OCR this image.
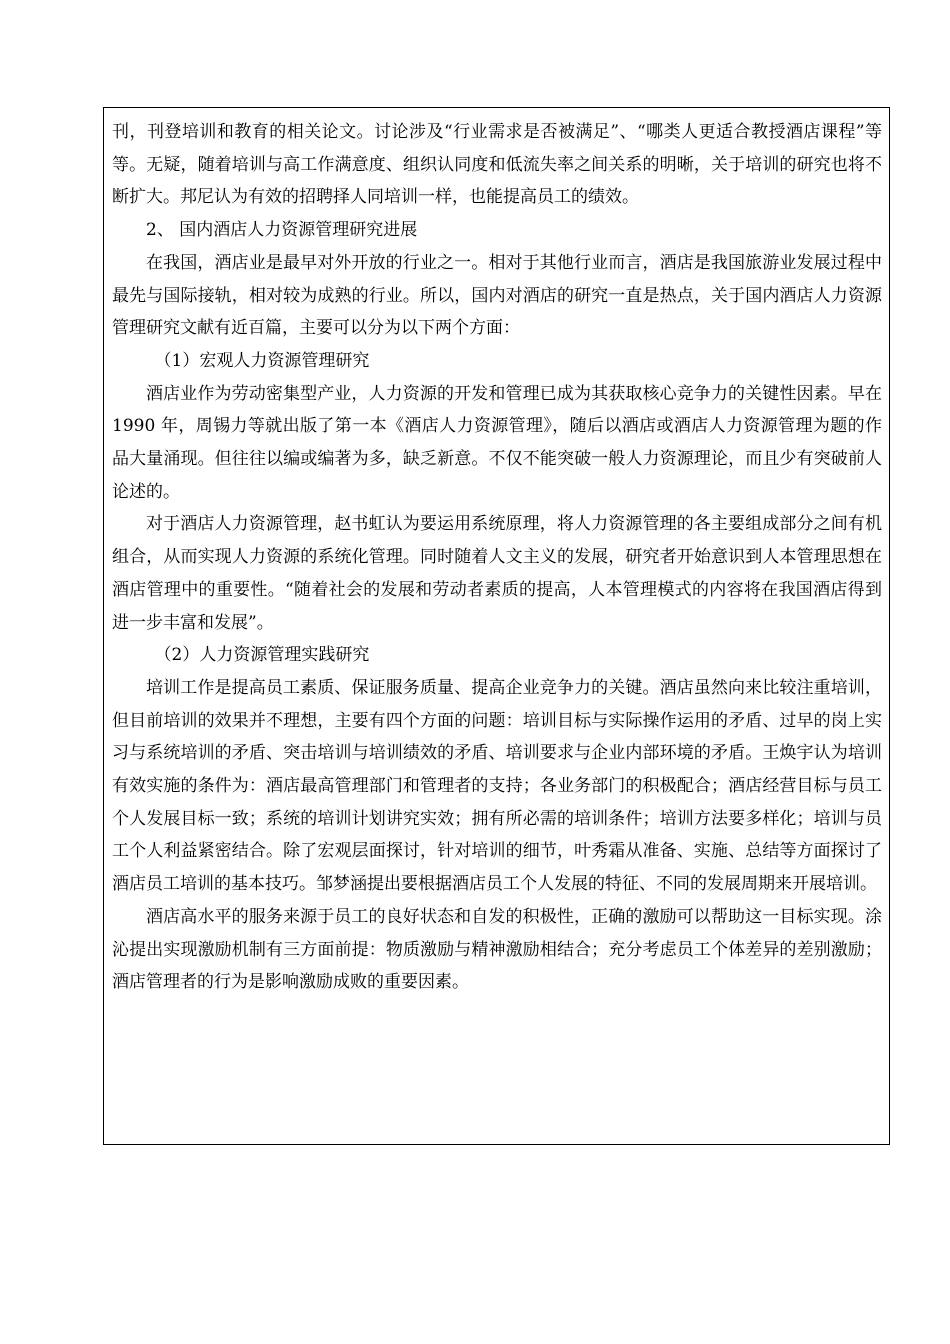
刊，刊登培训和教育的相关论文。讨论涉及“行业需求是否被满足”、“哪类人更适合教授酒店课程”等等。无疑，随着培训与高工作满意度、组织认同度和低流失率之间关系的明晰，关于培训的研究也将不断扩大。邦尼认为有效的招聘择人同培训一样，也能提高员工的绩效。

2、 国内酒店人力资源管理研究进展

在我国，酒店业是最早对外开放的行业之一。相对于其他行业而言，酒店是我国旅游业发展过程中最先与国际接轨，相对较为成熟的行业。所以，国内对酒店的研究一直是热点，关于国内酒店人力资源管理研究文献有近百篇，主要可以分为以下两个方面：

（1）宏观人力资源管理研究

酒店业作为劳动密集型产业，人力资源的开发和管理已成为其获取核心竞争力的关键性因素。早在 1990 年，周锡力等就出版了第一本《酒店人力资源管理》，随后以酒店或酒店人力资源管理为题的作品大量涌现。但往往以编或编著为多，缺乏新意。不仅不能突破一般人力资源理论，而且少有突破前人论述的。

对于酒店人力资源管理，赵书虹认为要运用系统原理，将人力资源管理的各主要组成部分之间有机组合，从而实现人力资源的系统化管理。同时随着人文主义的发展，研究者开始意识到人本管理思想在酒店管理中的重要性。“随着社会的发展和劳动者素质的提高，人本管理模式的内容将在我国酒店得到进一步丰富和发展”。

（2）人力资源管理实践研究

培训工作是提高员工素质、保证服务质量、提高企业竞争力的关键。酒店虽然向来比较注重培训，但目前培训的效果并不理想，主要有四个方面的问题：培训目标与实际操作运用的矛盾、过早的岗上实习与系统培训的矛盾、突击培训与培训绩效的矛盾、培训要求与企业内部环境的矛盾。王焕宇认为培训有效实施的条件为：酒店最高管理部门和管理者的支持；各业务部门的积极配合；酒店经营目标与员工个人发展目标一致；系统的培训计划讲究实效；拥有所必需的培训条件；培训方法要多样化；培训与员工个人利益紧密结合。除了宏观层面探讨，针对培训的细节，叶秀霜从准备、实施、总结等方面探讨了酒店员工培训的基本技巧。邹梦涵提出要根据酒店员工个人发展的特征、不同的发展周期来开展培训。

酒店高水平的服务来源于员工的良好状态和自发的积极性，正确的激励可以帮助这一目标实现。涂沁提出实现激励机制有三方面前提：物质激励与精神激励相结合；充分考虑员工个体差异的差别激励；酒店管理者的行为是影响激励成败的重要因素。
